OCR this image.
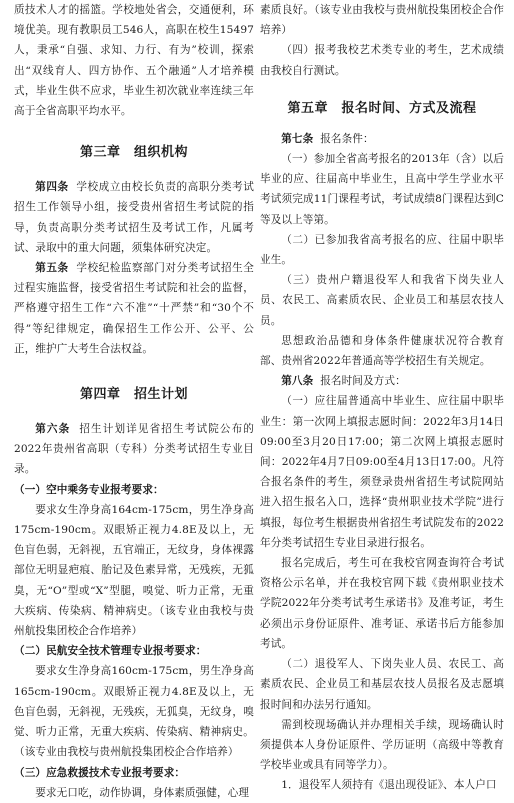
质技术人才的摇篮。学校地处省会，交通便利，环境优美。现有教职员工546人，高职在校生15497人，秉承“自强、求知、力行、有为”校训，探索出“双线育人、四方协作、五个融通”人才培养模式，毕业生供不应求，毕业生初次就业率连续三年高于全省高职平均水平。

第三章　组织机构

第四条 学校成立由校长负责的高职分类考试招生工作领导小组，接受贵州省招生考试院的指导，负责高职分类考试招生及考试工作，凡属考试、录取中的重大问题，须集体研究决定。

第五条 学校纪检监察部门对分类考试招生全过程实施监督，接受省招生考试院和社会的监督，严格遵守招生工作“六不准”“十严禁”和“30个不得”等纪律规定，确保招生工作公开、公平、公正，维护广大考生合法权益。

第四章　招生计划

第六条 招生计划详见省招生考试院公布的2022年贵州省高职（专科）分类考试招生专业目录。

（一）空中乘务专业报考要求：

要求女生净身高164cm-175cm，男生净身高175cm-190cm。双眼矫正视力4.8E及以上，无色盲色弱，无斜视，五官端正，无纹身，身体裸露部位无明显疤痕、胎记及色素异常，无残疾，无狐臭，无“O”型或“X”型腿，嗅觉、听力正常，无重大疾病、传染病、精神病史。（该专业由我校与贵州航投集团校企合作培养）

（二）民航安全技术管理专业报考要求：

要求女生净身高160cm-175cm，男生净身高165cm-190cm。双眼矫正视力4.8E及以上，无色盲色弱，无斜视，无残疾，无狐臭，无纹身，嗅觉、听力正常，无重大疾病、传染病、精神病史。（该专业由我校与贵州航投集团校企合作培养）

（三）应急救援技术专业报考要求：

要求无口吃，动作协调，身体素质强健，心理

素质良好。（该专业由我校与贵州航投集团校企合作培养）

（四）报考我校艺术类专业的考生，艺术成绩由我校自行测试。

第五章　报名时间、方式及流程

第七条 报名条件：

（一）参加全省高考报名的2013年（含）以后毕业的应、往届高中毕业生，且高中学生学业水平考试须完成11门课程考试，考试成绩8门课程达到C等及以上等第。

（二）已参加我省高考报名的应、往届中职毕业生。

（三）贵州户籍退役军人和我省下岗失业人员、农民工、高素质农民、企业员工和基层农技人员。

思想政治品德和身体条件健康状况符合教育部、贵州省2022年普通高等学校招生有关规定。

第八条 报名时间及方式：

（一）应往届普通高中毕业生、应往届中职毕业生：第一次网上填报志愿时间：2022年3月14日09:00至3月20日17:00；第二次网上填报志愿时间：2022年4月7日09:00至4月13日17:00。凡符合报名条件的考生，须登录贵州省招生考试院网站进入招生报名入口，选择“贵州职业技术学院”进行填报，每位考生根据贵州省招生考试院发布的2022年分类考试招生专业目录进行报名。

报名完成后，考生可在我校官网查询符合考试资格公示名单，并在我校官网下载《贵州职业技术学院2022年分类考试考生承诺书》及准考证，考生必须出示身份证原件、准考证、承诺书后方能参加考试。

（二）退役军人、下岗失业人员、农民工、高素质农民、企业员工和基层农技人员报名及志愿填报时间和办法另行通知。

需到校现场确认并办理相关手续，现场确认时须提供本人身份证原件、学历证明（高级中等教育学校毕业或具有同等学力）。

1．退役军人须持有《退出现役证》、本人户口
